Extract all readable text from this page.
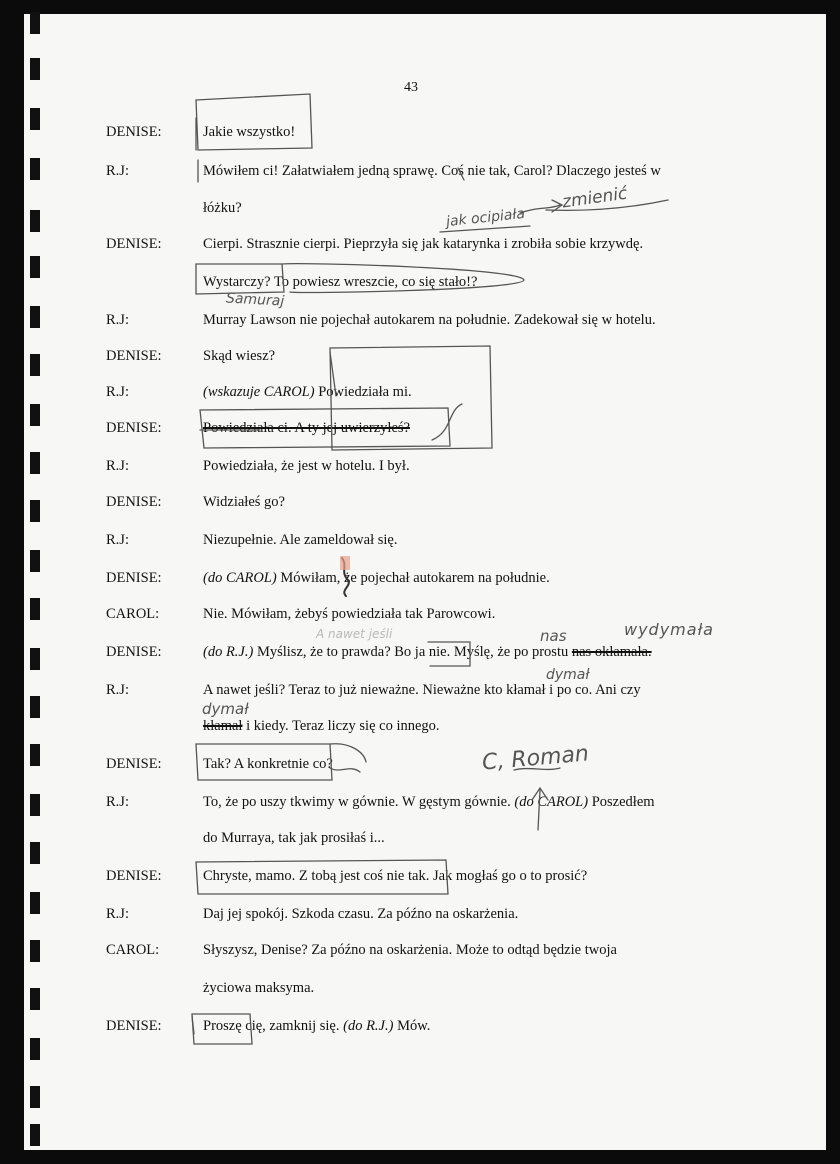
43
DENISE:	Jakie wszystko!
R.J:	Mówiłem ci! Załatwiałem jedną sprawę. Coś nie tak, Carol? Dlaczego jesteś w
łóżku?
DENISE:	Cierpi. Strasznie cierpi. Pieprzyła się jak katarynka i zrobiła sobie krzywdę.
Wystarczy? To powiesz wreszcie, co się stało!?
R.J:	Murray Lawson nie pojechał autokarem na południe. Zadekował się w hotelu.
DENISE:	Skąd wiesz?
R.J:	(wskazuje CAROL) Powiedziała mi.
DENISE:	Powiedziała ci. A ty jej uwierzyłeś?
R.J:	Powiedziała, że jest w hotelu. I był.
DENISE:	Widziałeś go?
R.J:	Niezupełnie. Ale zameldował się.
DENISE:	(do CAROL) Mówiłam, że pojechał autokarem na południe.
CAROL:	Nie. Mówiłam, żebyś powiedziała tak Parowcowi.
DENISE:	(do R.J.) Myślisz, że to prawda? Bo ja nie. Myślę, że po prostu nas okłamała.
R.J:	A nawet jeśli? Teraz to już nieważne. Nieważne kto kłamał i po co. Ani czy
kłamał i kiedy. Teraz liczy się co innego.
DENISE:	Tak? A konkretnie co?
R.J:	To, że po uszy tkwimy w gównie. W gęstym gównie. (do CAROL) Poszedłem
do Murraya, tak jak prosiłaś i...
DENISE:	Chryste, mamo. Z tobą jest coś nie tak. Jak mogłaś go o to prosić?
R.J:	Daj jej spokój. Szkoda czasu. Za późno na oskarżenia.
CAROL:	Słyszysz, Denise? Za późno na oskarżenia. Może to odtąd będzie twoja
życiowa maksyma.
DENISE:	Proszę cię, zamknij się. (do R.J.) Mów.
zmienić
jak ocipiała
Samuraj
nas	wydymała
dymał
dymał
C, Roman
A nawet jeśli
